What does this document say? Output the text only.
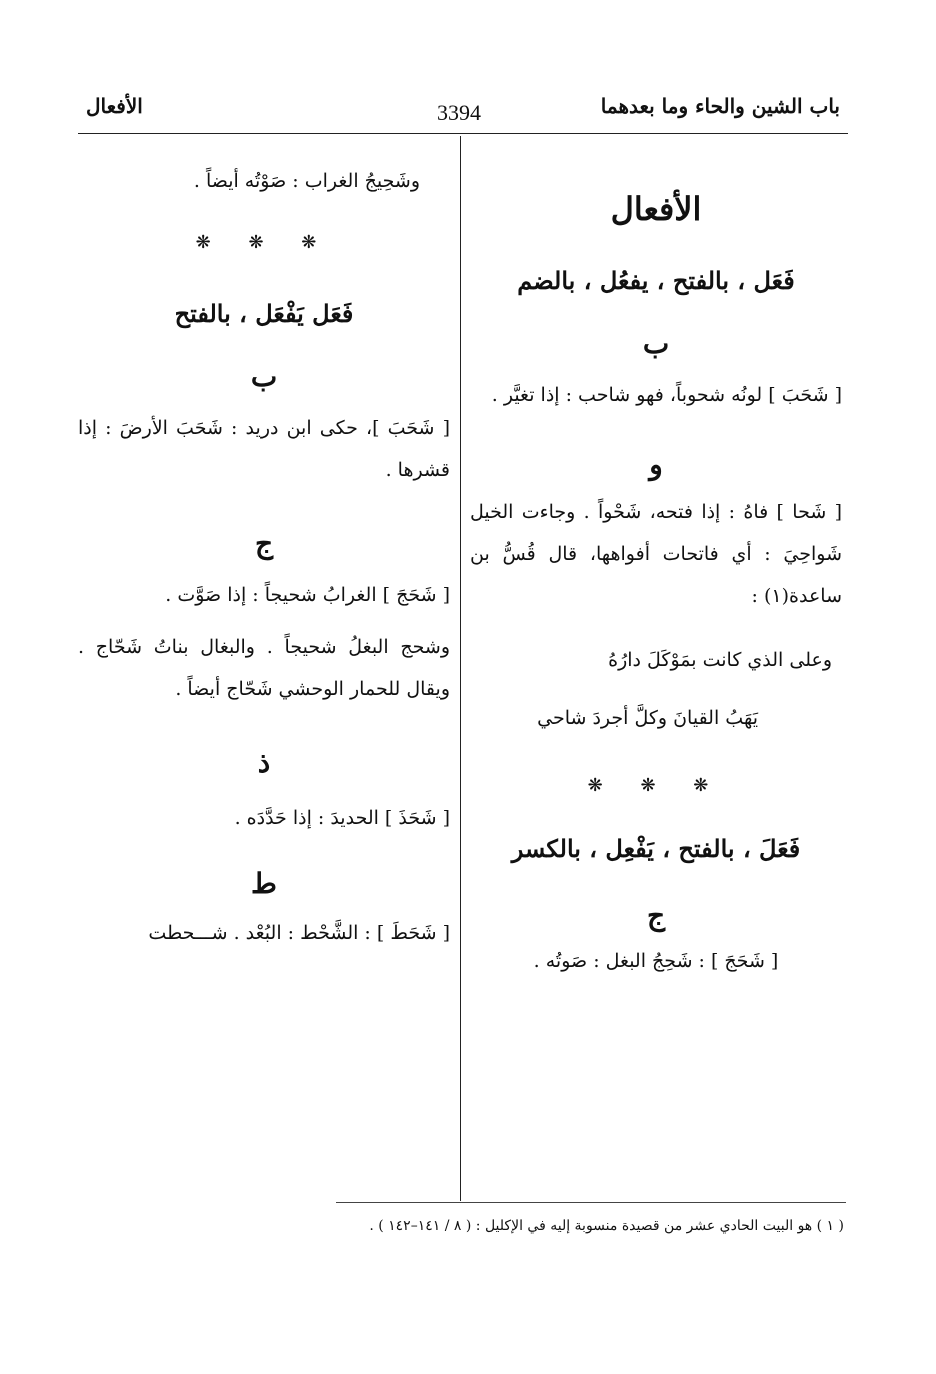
باب الشين والحاء وما بعدهما
3394
الأفعال

الأفعال

فَعَل ، بالفتح ، يفعُل ، بالضم

ب

[ شَحَبَ ] لونُه شحوباً، فهو شاحب : إذا تغيَّر .

و

[ شَحا ] فاهُ : إذا فتحه، شَحْواً . وجاءت الخيل شَواحِيَ : أي فاتحات أفواهها، قال قُسُّ بن ساعدة(١) :

وعلى الذي كانت بمَوْكَلَ دارُهُ

يَهَبُ القيانَ وكلَّ أجردَ شاحي

❋ ❋ ❋

فَعَلَ ، بالفتح ، يَفْعِل ، بالكسر

ج

[ شَحَجَ ] : شَحِجُ البغل : صَوتُه .

وشَحِيجُ الغراب : صَوْتُه أيضاً .

❋ ❋ ❋

فَعَل يَفْعَل ، بالفتح

ب

[ شَحَبَ ]، حكى ابن دريد : شَحَبَ الأرضَ : إذا قشرها .

ج

[ شَحَجَ ] الغرابُ شحيجاً : إذا صَوَّت .

وشحج البغلُ شحيجاً . والبغال بناتُ شَحّاج . ويقال للحمار الوحشي شَحّاج أيضاً .

ذ

[ شَحَذَ ] الحديدَ : إذا حَدَّدَه .

ط

[ شَحَطَ ] : الشَّحْط : البُعْد . شـــحطت

( ١ ) هو البيت الحادي عشر من قصيدة منسوبة إليه في الإكليل : ( ٨ / ١٤١–١٤٢ ) .
